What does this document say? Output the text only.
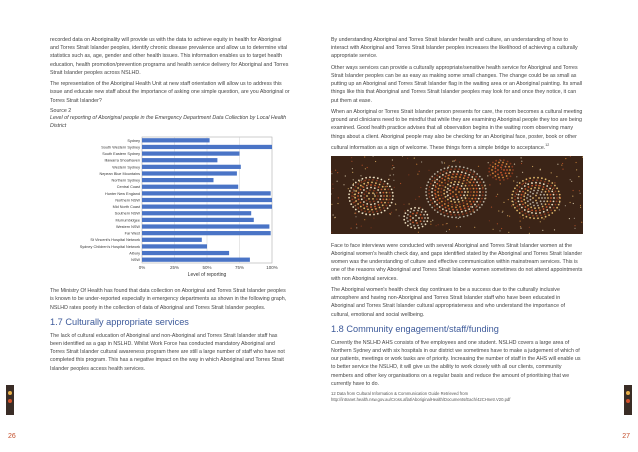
recorded data on Aboriginality will provide us with the data to achieve equity in health for Aboriginal and Torres Strait Islander peoples, identify chronic disease prevalence and allow us to determine vital statistics such as, age, gender and other health issues. This information enables us to target health education, health promotion/prevention programs and health service delivery for Aboriginal and Torres Strait Islander peoples across NSLHD.

The representation of the Aboriginal Health Unit at new staff orientation will allow us to address this issue and educate new staff about the importance of asking one simple question, are you Aboriginal or Torres Strait Islander?

Source 2
Level of reporting of Aboriginal people in the Emergency Department Data Collection by Local Health District
0%	25%	50%	75%	100%
Sydney
South Western Sydney
South Eastern Sydney
Illawarra Shoalhaven
Western Sydney
Nepean Blue Mountains
Northern Sydney
Central Coast
Hunter New England
Northern NSW
Mid North Coast
Southern NSW
Murrumbidgee
Western NSW
Far West
St Vincent's Hospital Network
Sydney Children's Hospital Network
Albury
NSW
Level of reporting

The Ministry Of Health has found that data collection on Aboriginal and Torres Strait Islander peoples is known to be under-reported especially in emergency departments as shown in the following graph, NSLHD rates poorly in the collection of data of Aboriginal and Torres Strait Islander peoples.

1.7 Culturally appropriate services

The lack of cultural education of Aboriginal and non-Aboriginal and Torres Strait Islander staff has been identified as a gap in NSLHD. Whilst Work Force has conducted mandatory Aboriginal and Torres Strait Islander cultural awareness program there are still a large number of staff who have not completed this program. This has a negative impact on the way in which Aboriginal and Torres Strait Islander peoples access health services.

26

By understanding Aboriginal and Torres Strait Islander health and culture, an understanding of how to interact with Aboriginal and Torres Strait Islander peoples increases the likelihood of achieving a culturally appropriate service.

Other ways services can provide a culturally appropriate/sensitive health service for Aboriginal and Torres Strait Islander peoples can be as easy as making some small changes. The change could be as small as putting up an Aboriginal and Torres Strait Islander flag in the waiting area or an Aboriginal painting. Its small things like this that Aboriginal and Torres Strait Islander peoples may look for and once they notice, it can put them at ease.

When an Aboriginal or Torres Strait Islander person presents for care, the room becomes a cultural meeting ground and clinicians need to be mindful that while they are examining Aboriginal people they too are being examined. Good health practice advises that all observation begins in the waiting room observing many things about a client. Aboriginal people may also be checking for an Aboriginal face, poster, book or other cultural information as a sign of welcome. These things form a simple bridge to acceptance.$^{12}$

Face to face interviews were conducted with several Aboriginal and Torres Strait Islander women at the Aboriginal women's health check day, and gaps identified stated by the Aboriginal and Torres Strait Islander women was the understanding of culture and effective communication within mainstream services. This is one of the reasons why Aboriginal and Torres Strait Islander women sometimes do not attend appointments with non Aboriginal services.

The Aboriginal women's health check day continues to be a success due to the culturally inclusive atmosphere and having non-Aboriginal and Torres Strait Islander staff who have been educated in Aboriginal and Torres Strait Islander cultural appropriateness and who understand the importance of cultural, emotional and social wellbeing.

1.8 Community engagement/staff/funding

Currently the NSLHD AHS consists of five employees and one student. NSLHD covers a large area of Northern Sydney and with six hospitals in our district we sometimes have to make a judgement of which of our patients, meetings or work tasks are of priority. Increasing the number of staff in the AHS will enable us to better service the NSLHD, it will give us the ability to work closely with all our clients, community members and other key organisations on a regular basis and reduce the amount of prioritising that we currently have to do.

12 Data from Cultural Information & Communication Guide Retrieved from http://intranet.health.nsw.gov.au/Cross.aflat/AboriginalHealth/Documents/Each/42CHnetr.V20.pdf
27
